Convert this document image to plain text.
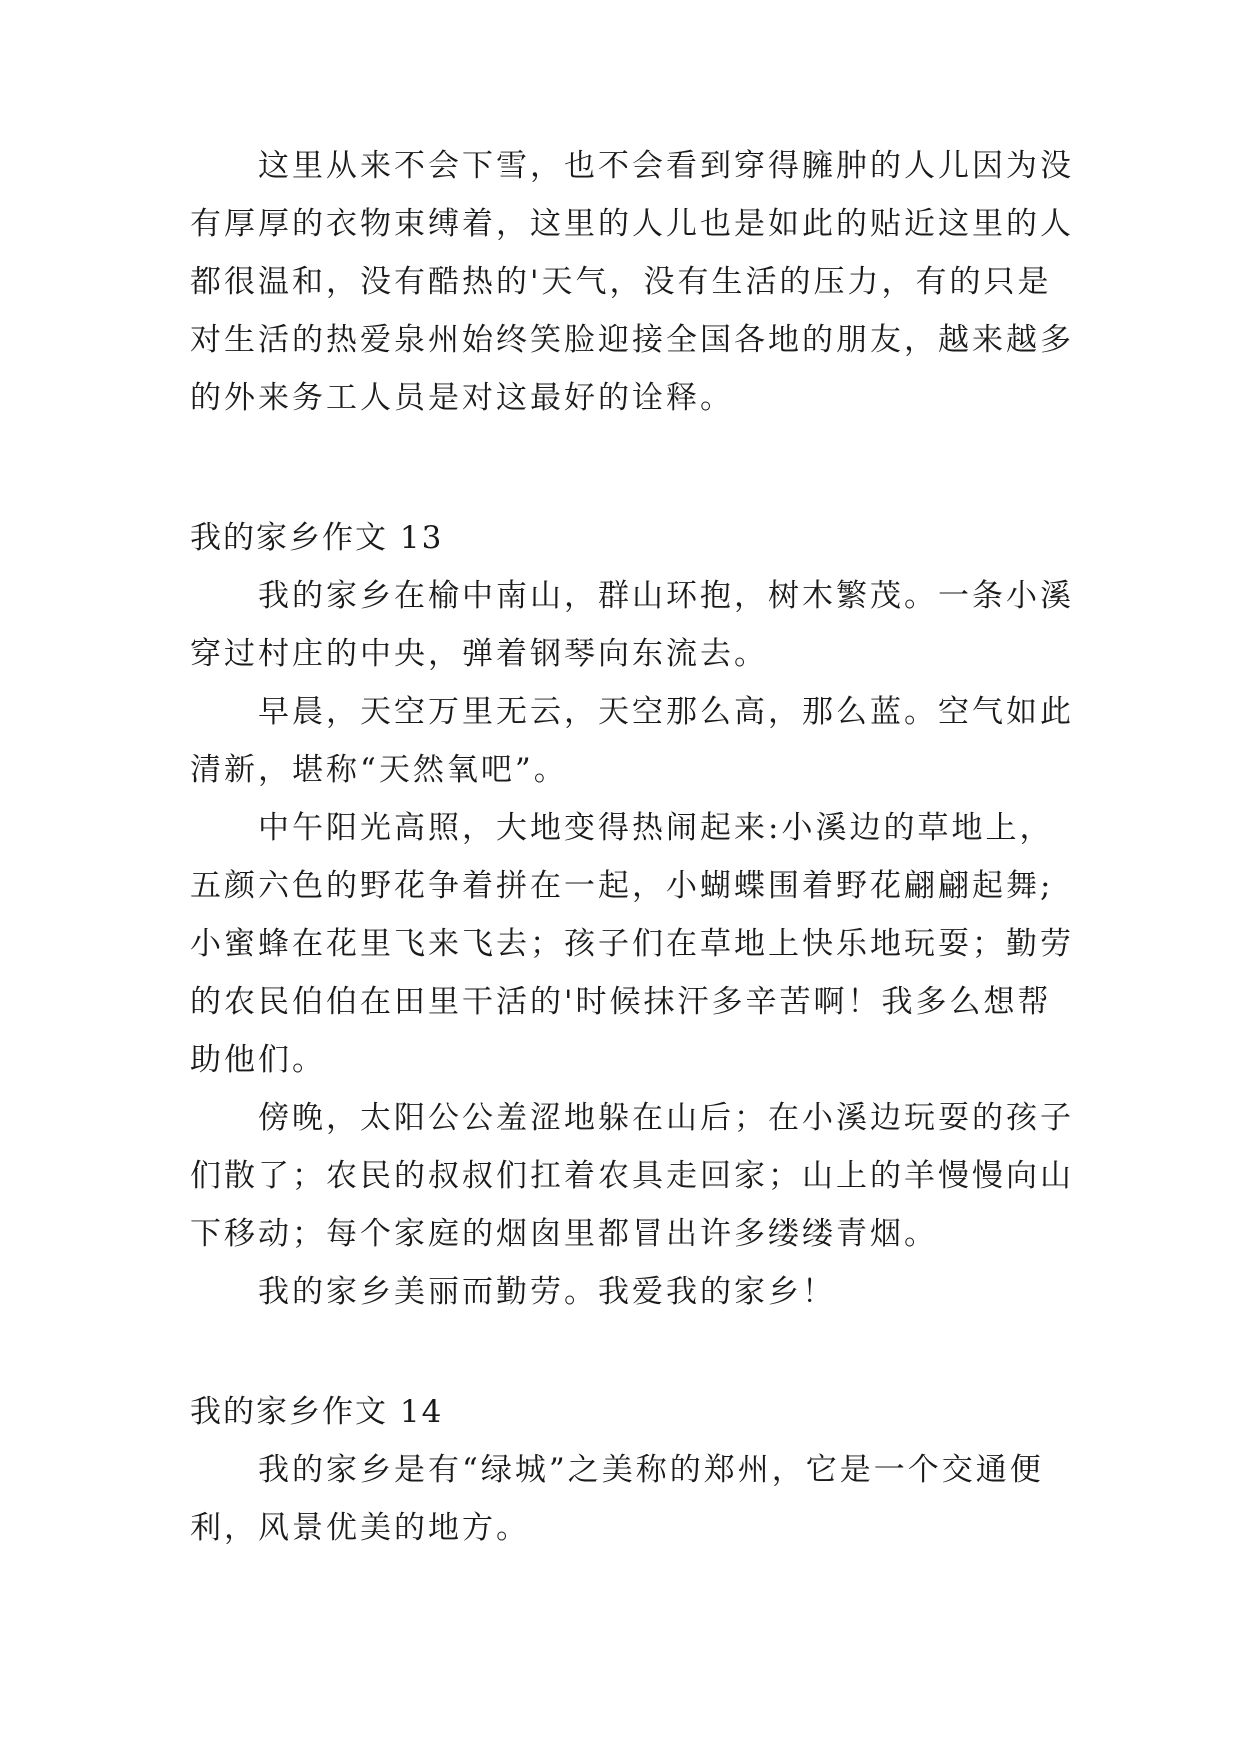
这里从来不会下雪，也不会看到穿得臃肿的人儿因为没
有厚厚的衣物束缚着，这里的人儿也是如此的贴近这里的人
都很温和，没有酷热的'天气，没有生活的压力，有的只是
对生活的热爱泉州始终笑脸迎接全国各地的朋友，越来越多
的外来务工人员是对这最好的诠释。
我的家乡作文 13
我的家乡在榆中南山，群山环抱，树木繁茂。一条小溪
穿过村庄的中央，弹着钢琴向东流去。
早晨，天空万里无云，天空那么高，那么蓝。空气如此
清新，堪称“天然氧吧”。
中午阳光高照，大地变得热闹起来:小溪边的草地上，
五颜六色的野花争着拼在一起，小蝴蝶围着野花翩翩起舞;
小蜜蜂在花里飞来飞去；孩子们在草地上快乐地玩耍；勤劳
的农民伯伯在田里干活的'时候抹汗多辛苦啊！我多么想帮
助他们。
傍晚，太阳公公羞涩地躲在山后；在小溪边玩耍的孩子
们散了；农民的叔叔们扛着农具走回家；山上的羊慢慢向山
下移动；每个家庭的烟囱里都冒出许多缕缕青烟。
我的家乡美丽而勤劳。我爱我的家乡！
我的家乡作文 14
我的家乡是有“绿城”之美称的郑州，它是一个交通便
利，风景优美的地方。
